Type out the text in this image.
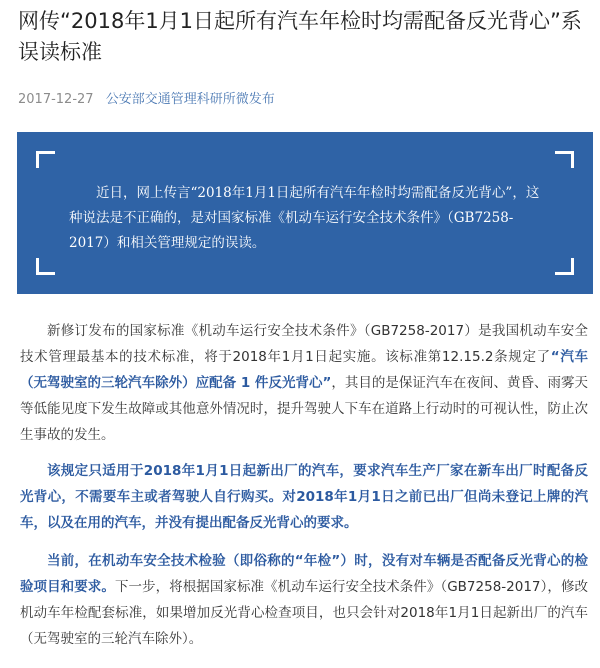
网传“2018年1月1日起所有汽车年检时均需配备反光背心”系误读标准
2017-12-27 公安部交通管理科研所微发布

近日，网上传言“2018年1月1日起所有汽车年检时均需配备反光背心”，这种说法是不正确的，是对国家标准《机动车运行安全技术条件》（GB7258-2017）和相关管理规定的误读。

新修订发布的国家标准《机动车运行安全技术条件》（GB7258-2017）是我国机动车安全技术管理最基本的技术标准，将于2018年1月1日起实施。该标准第12.15.2条规定了“汽车（无驾驶室的三轮汽车除外）应配备 1 件反光背心”，其目的是保证汽车在夜间、黄昏、雨雾天等低能见度下发生故障或其他意外情况时，提升驾驶人下车在道路上行动时的可视认性，防止次生事故的发生。

该规定只适用于2018年1月1日起新出厂的汽车，要求汽车生产厂家在新车出厂时配备反光背心，不需要车主或者驾驶人自行购买。对2018年1月1日之前已出厂但尚未登记上牌的汽车，以及在用的汽车，并没有提出配备反光背心的要求。

当前，在机动车安全技术检验（即俗称的“年检”）时，没有对车辆是否配备反光背心的检验项目和要求。下一步，将根据国家标准《机动车运行安全技术条件》（GB7258-2017），修改机动车年检配套标准，如果增加反光背心检查项目，也只会针对2018年1月1日起新出厂的汽车（无驾驶室的三轮汽车除外）。
